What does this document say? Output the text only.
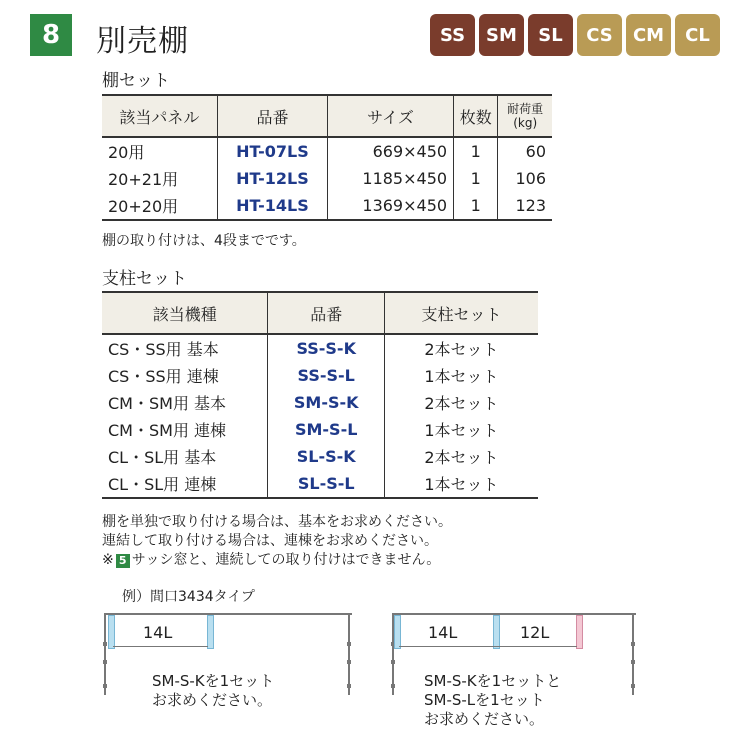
8	別売棚	SS	SM	SL	CS	CM	CL
棚セット
該当パネル	品番	サイズ	枚数	耐荷重
(kg)

20用	HT-07LS	669×450	1	60
20+21用	HT-12LS	1185×450	1	106
20+20用	HT-14LS	1369×450	1	123
棚の取り付けは、4段までです。
支柱セット
該当機種	品番	支柱セット
CS・SS用 基本	SS-S-K	2本セット
CS・SS用 連棟	SS-S-L	1本セット
CM・SM用 基本	SM-S-K	2本セット
CM・SM用 連棟	SM-S-L	1本セット
CL・SL用 基本	SL-S-K	2本セット
CL・SL用 連棟	SL-S-L	1本セット
棚を単独で取り付ける場合は、基本をお求めください。
連結して取り付ける場合は、連棟をお求めください。
※ 5 サッシ窓と、連続しての取り付けはできません。
例）間口3434タイプ
14L
SM-S-Kを1セット
お求めください。
14L	12L
SM-S-Kを1セットと
SM-S-Lを1セット
お求めください。
